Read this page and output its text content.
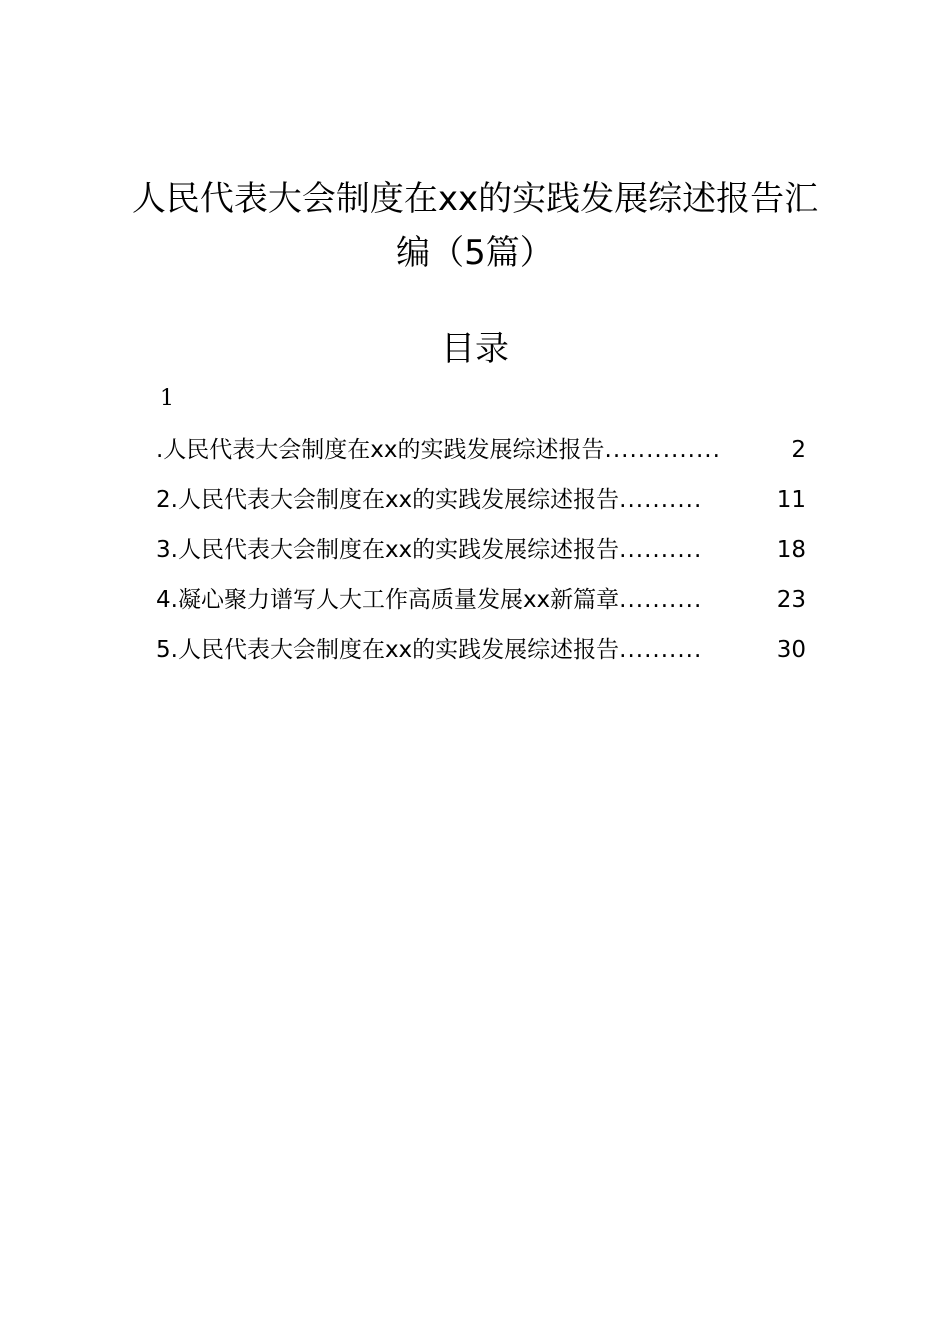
人民代表大会制度在xx的实践发展综述报告汇编（5篇）
目录
1
.人民代表大会制度在xx的实践发展综述报告 ..............	2
2.人民代表大会制度在xx的实践发展综述报告 ..........	11
3.人民代表大会制度在xx的实践发展综述报告 ..........	18
4.凝心聚力谱写人大工作高质量发展xx新篇章 ..........	23
5.人民代表大会制度在xx的实践发展综述报告 ..........	30
